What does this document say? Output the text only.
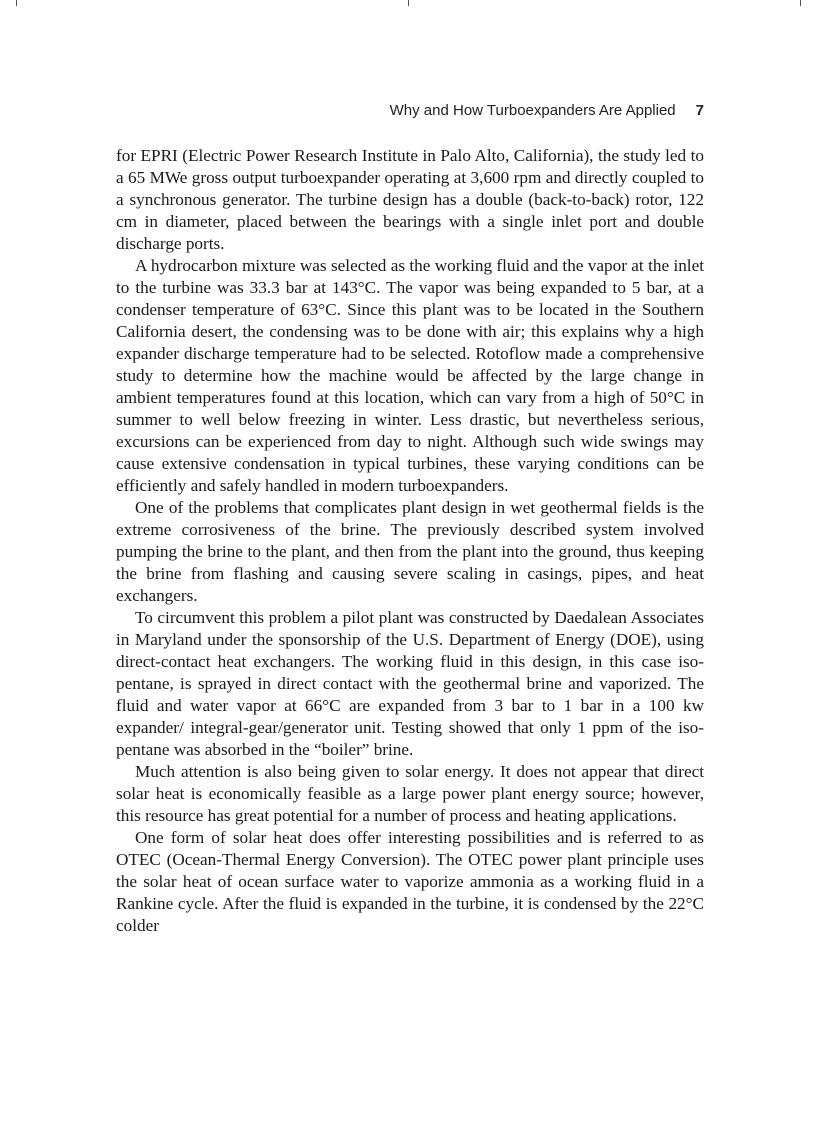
Why and How Turboexpanders Are Applied 7

for EPRI (Electric Power Research Institute in Palo Alto, California), the study led to a 65 MWe gross output turboexpander operating at 3,600 rpm and directly coupled to a synchronous generator. The turbine design has a double (back-to-back) rotor, 122 cm in diameter, placed between the bearings with a single inlet port and double discharge ports.

A hydrocarbon mixture was selected as the working fluid and the vapor at the inlet to the turbine was 33.3 bar at 143°C. The vapor was being expanded to 5 bar, at a condenser temperature of 63°C. Since this plant was to be located in the Southern California desert, the condensing was to be done with air; this explains why a high expander discharge temperature had to be selected. Rotoflow made a comprehensive study to determine how the machine would be affected by the large change in ambient temperatures found at this location, which can vary from a high of 50°C in summer to well below freezing in winter. Less drastic, but nevertheless serious, excursions can be experienced from day to night. Although such wide swings may cause extensive condensation in typical turbines, these varying conditions can be efficiently and safely handled in modern turboexpanders.

One of the problems that complicates plant design in wet geothermal fields is the extreme corrosiveness of the brine. The previously described system involved pumping the brine to the plant, and then from the plant into the ground, thus keeping the brine from flashing and causing severe scaling in casings, pipes, and heat exchangers.

To circumvent this problem a pilot plant was constructed by Daedalean Associates in Maryland under the sponsorship of the U.S. Department of Energy (DOE), using direct-contact heat exchangers. The working fluid in this design, in this case iso-pentane, is sprayed in direct contact with the geothermal brine and vaporized. The fluid and water vapor at 66°C are expanded from 3 bar to 1 bar in a 100 kw expander/ integral-gear/generator unit. Testing showed that only 1 ppm of the iso-pentane was absorbed in the “boiler” brine.

Much attention is also being given to solar energy. It does not appear that direct solar heat is economically feasible as a large power plant energy source; however, this resource has great potential for a number of process and heating applications.

One form of solar heat does offer interesting possibilities and is referred to as OTEC (Ocean-Thermal Energy Conversion). The OTEC power plant principle uses the solar heat of ocean surface water to vaporize ammonia as a working fluid in a Rankine cycle. After the fluid is expanded in the turbine, it is condensed by the 22°C colder
